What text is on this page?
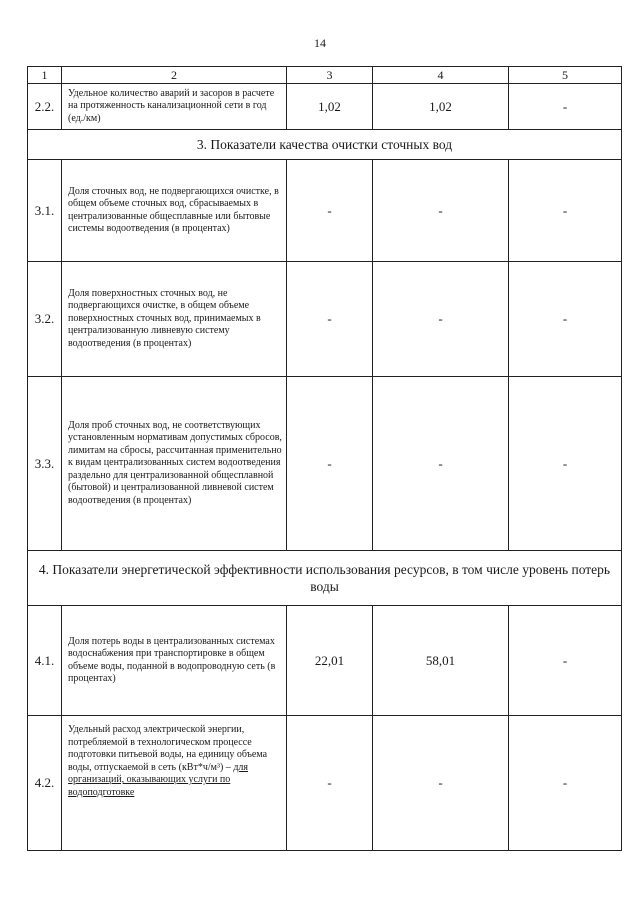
14
1	2	3	4	5
2.2.	Удельное количество аварий и засоров в расчете на протяженность канализационной сети в год (ед./км)	1,02	1,02	-
3. Показатели качества очистки сточных вод				
3.1.	Доля сточных вод, не подвергающихся очистке, в общем объеме сточных вод, сбрасываемых в централизованные общесплавные или бытовые системы водоотведения (в процентах)	-	-	-
3.2.	Доля поверхностных сточных вод, не подвергающихся очистке, в общем объеме поверхностных сточных вод, принимаемых в централизованную ливневую систему водоотведения (в процентах)	-	-	-
3.3.	Доля проб сточных вод, не соответствующих установленным нормативам допустимых сбросов, лимитам на сбросы, рассчитанная применительно к видам централизованных систем водоотведения раздельно для централизованной общесплавной (бытовой) и централизованной ливневой систем водоотведения (в процентах)	-	-	-
4. Показатели энергетической эффективности использования ресурсов, в том числе уровень потерь воды				
4.1.	Доля потерь воды в централизованных системах водоснабжения при транспортировке в общем объеме воды, поданной в водопроводную сеть (в процентах)	22,01	58,01	-
4.2.	Удельный расход электрической энергии, потребляемой в технологическом процессе подготовки питьевой воды, на единицу объема воды, отпускаемой в сеть (кВт*ч/м³) – для организаций, оказывающих услуги по водоподготовке	-	-	-
